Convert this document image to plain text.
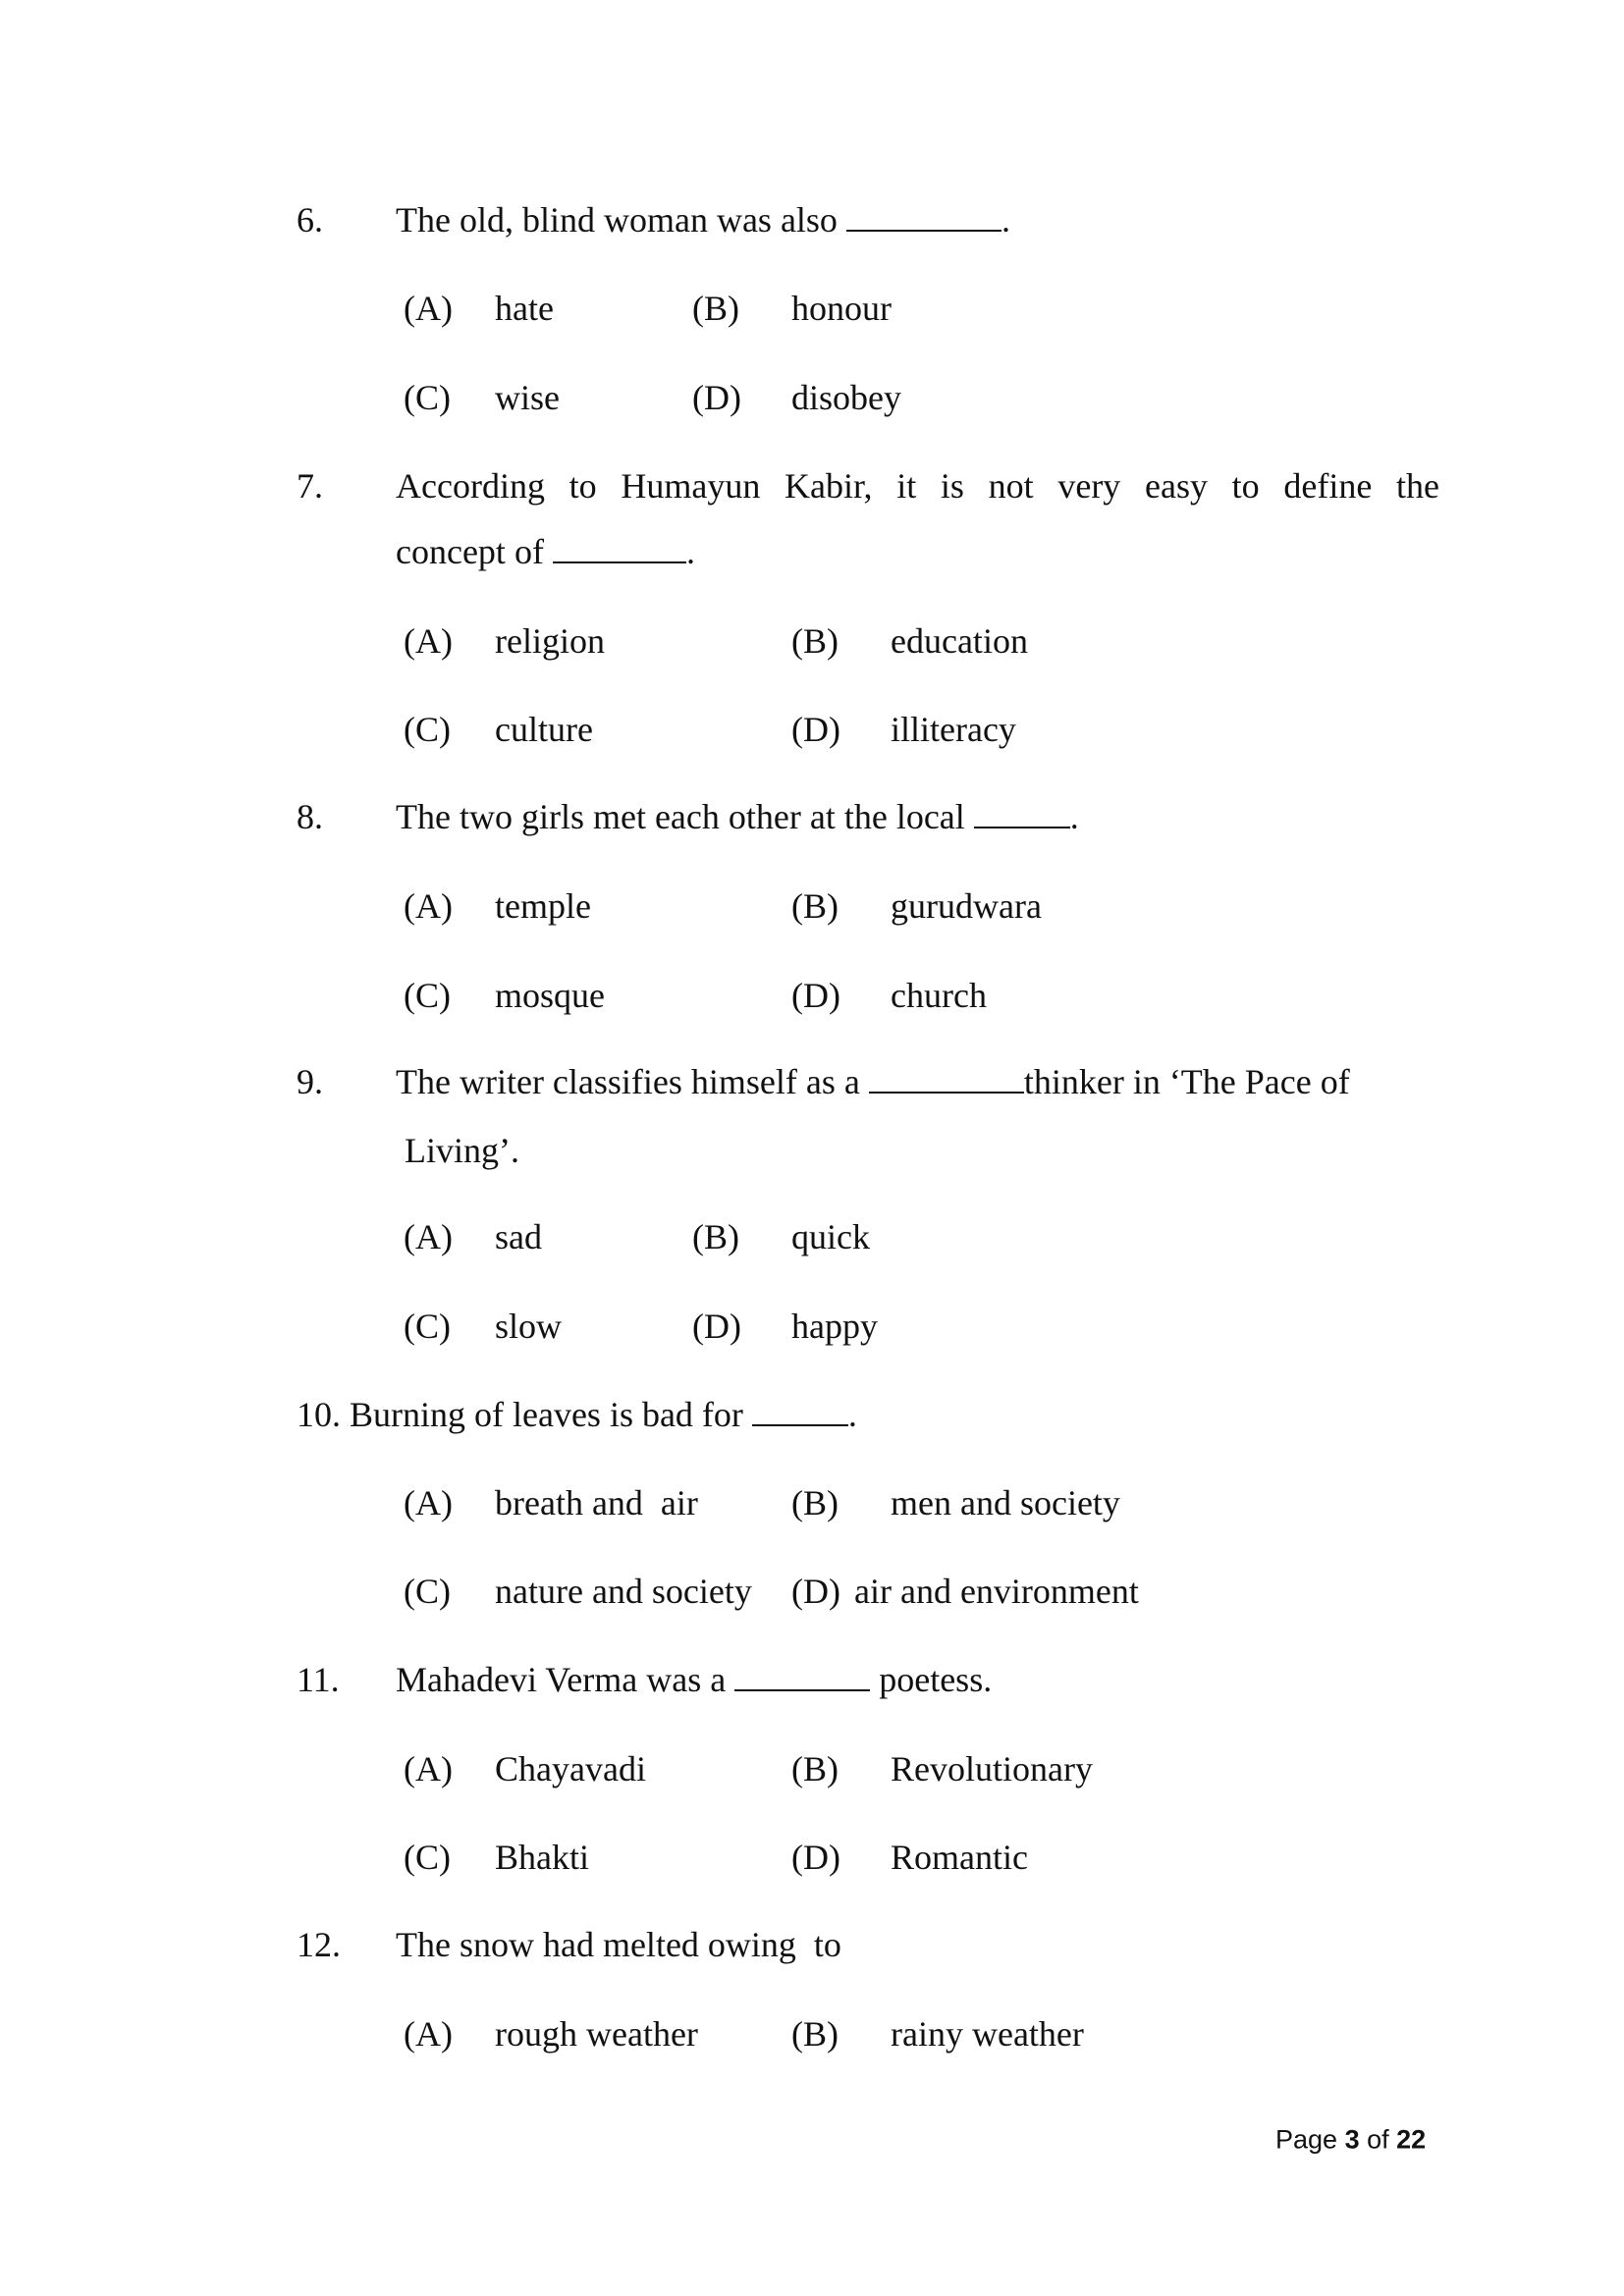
6. The old, blind woman was also	.
(A) hate	(B) honour
(C) wise	(D) disobey
7. According to Humayun Kabir, it is not very easy to define the
concept of	.
(A) religion	(B) education
(C) culture	(D) illiteracy
8. The two girls met each other at the local	.
(A) temple	(B) gurudwara
(C) mosque	(D) church
9. The writer classifies himself as a	thinker in ‘The Pace of
Living’.
(A) sad	(B) quick
(C) slow	(D) happy
10. Burning of leaves is bad for	.
(A) breath and  air	(B) men and society
(C) nature and society (D) air and environment
11. Mahadevi Verma was a	poetess.
(A) Chayavadi	(B) Revolutionary
(C) Bhakti	(D) Romantic
12. The snow had melted owing  to
(A) rough weather	(B) rainy weather
Page 3 of 22
